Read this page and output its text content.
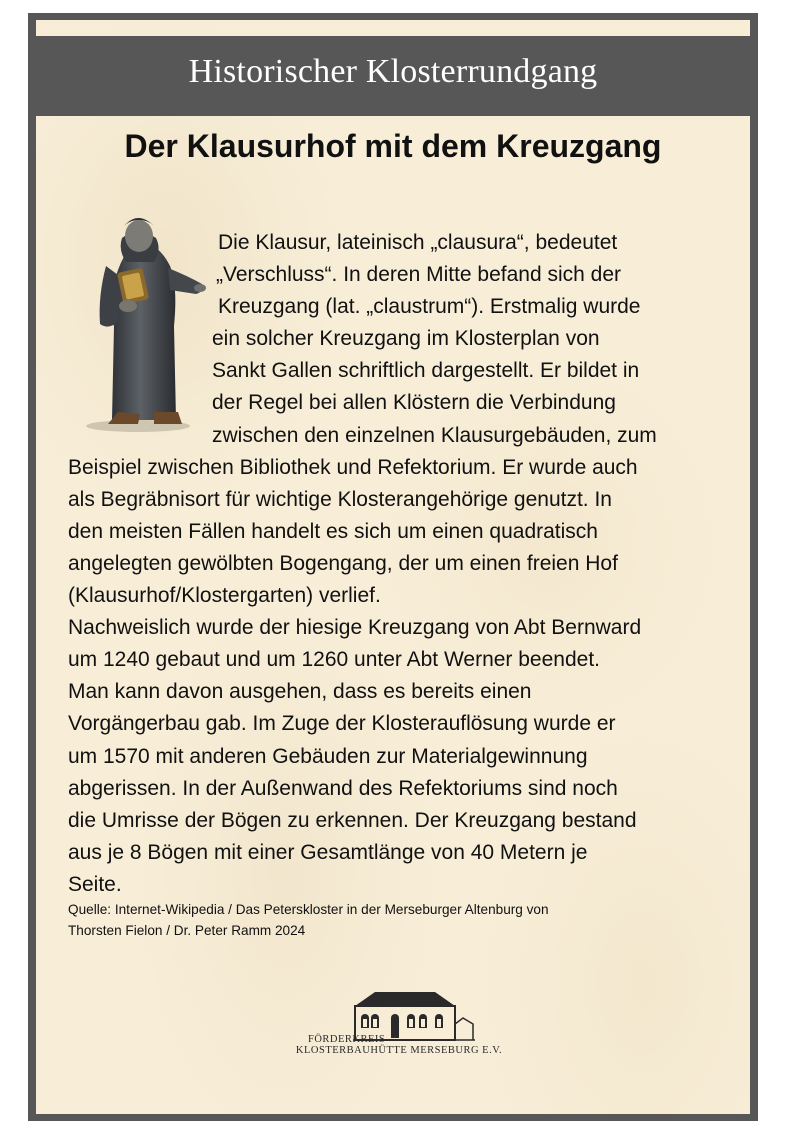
Historischer Klosterrundgang
Der Klausurhof mit dem Kreuzgang
Die Klausur, lateinisch „clausura“, bedeutet
„Verschluss“. In deren Mitte befand sich der
Kreuzgang (lat. „claustrum“). Erstmalig wurde
ein solcher Kreuzgang im Klosterplan von
Sankt Gallen schriftlich dargestellt. Er bildet in
der Regel bei allen Klöstern die Verbindung
zwischen den einzelnen Klausurgebäuden, zum
Beispiel zwischen Bibliothek und Refektorium. Er wurde auch
als Begräbnisort für wichtige Klosterangehörige genutzt. In
den meisten Fällen handelt es sich um einen quadratisch
angelegten gewölbten Bogengang, der um einen freien Hof
(Klausurhof/Klostergarten) verlief.
Nachweislich wurde der hiesige Kreuzgang von Abt Bernward
um 1240 gebaut und um 1260 unter Abt Werner beendet.
Man kann davon ausgehen, dass es bereits einen
Vorgängerbau gab. Im Zuge der Klosterauflösung wurde er
um 1570 mit anderen Gebäuden zur Materialgewinnung
abgerissen. In der Außenwand des Refektoriums sind noch
die Umrisse der Bögen zu erkennen. Der Kreuzgang bestand
aus je 8 Bögen mit einer Gesamtlänge von 40 Metern je
Seite.
Quelle: Internet-Wikipedia / Das Peterskloster in der Merseburger Altenburg von
Thorsten Fielon / Dr. Peter Ramm 2024
FÖRDERKREIS
KLOSTERBAUHÜTTE MERSEBURG E.V.
